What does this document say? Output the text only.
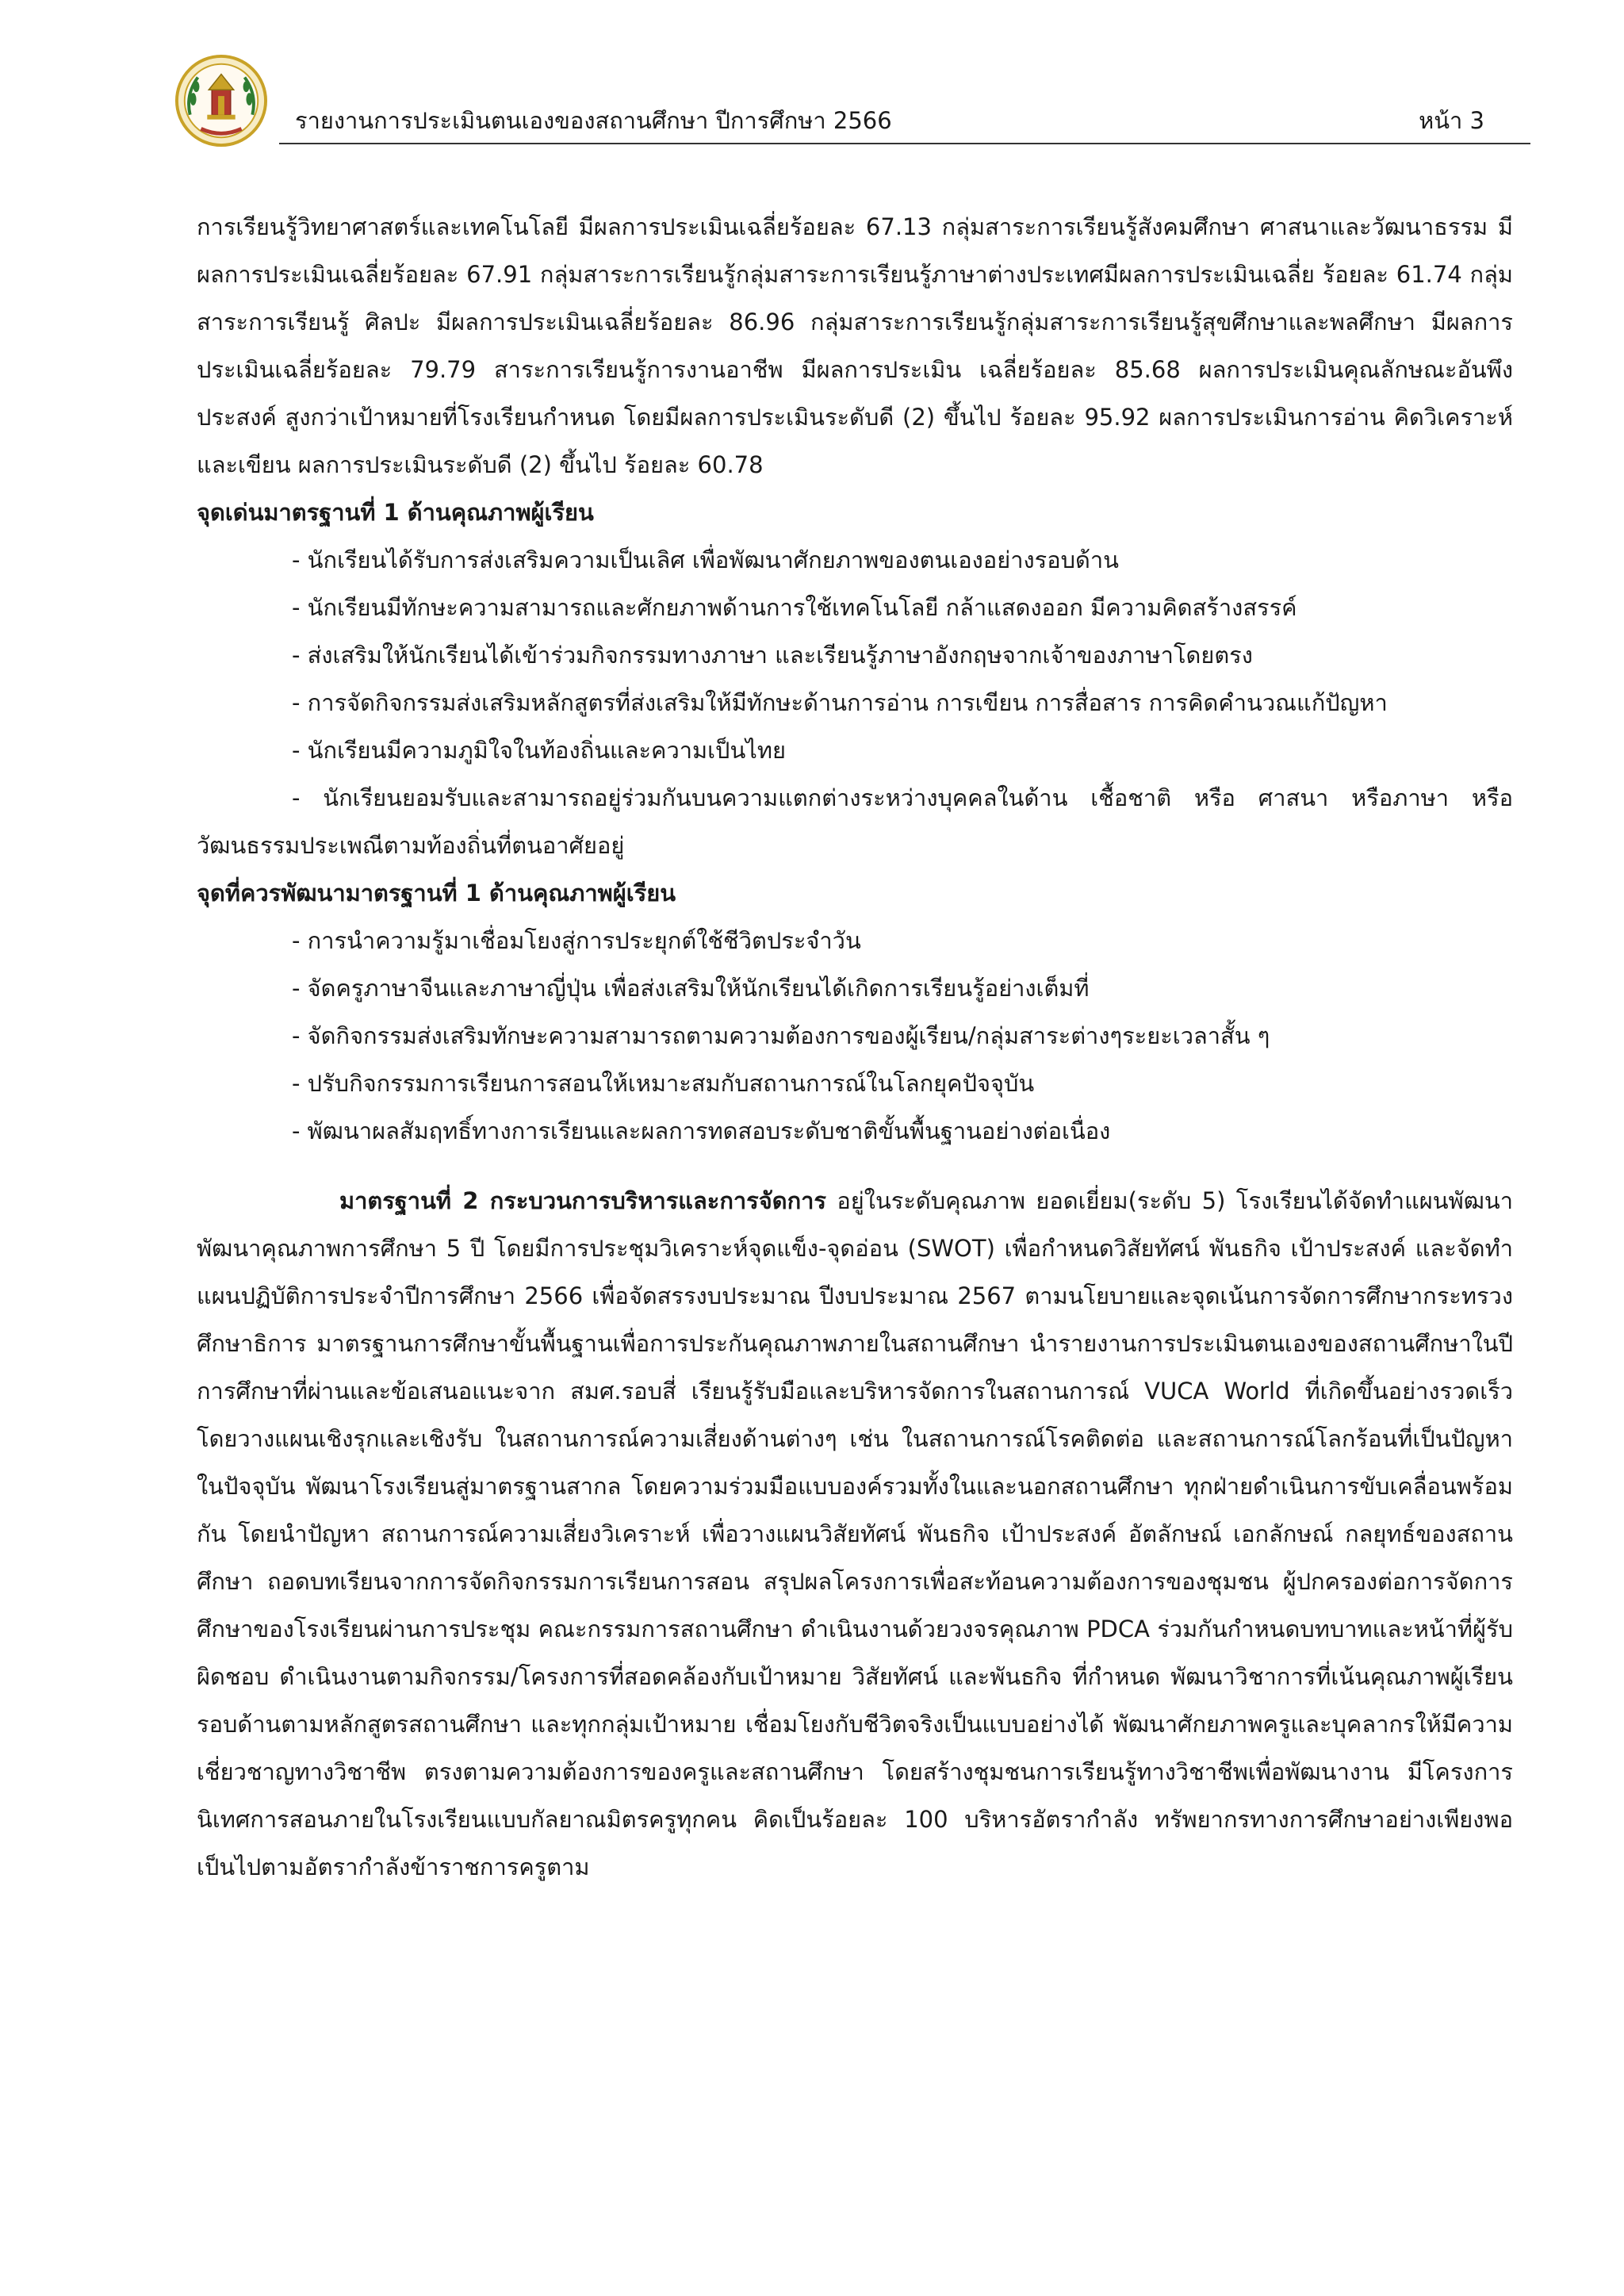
รายงานการประเมินตนเองของสถานศึกษา ปีการศึกษา 2566	หน้า 3

การเรียนรู้วิทยาศาสตร์และเทคโนโลยี มีผลการประเมินเฉลี่ยร้อยละ 67.13 กลุ่มสาระการเรียนรู้สังคมศึกษา ศาสนาและวัฒนาธรรม มีผลการประเมินเฉลี่ยร้อยละ 67.91 กลุ่มสาระการเรียนรู้กลุ่มสาระการเรียนรู้ภาษาต่างประเทศมีผลการประเมินเฉลี่ย ร้อยละ 61.74 กลุ่มสาระการเรียนรู้ ศิลปะ มีผลการประเมินเฉลี่ยร้อยละ 86.96 กลุ่มสาระการเรียนรู้กลุ่มสาระการเรียนรู้สุขศึกษาและพลศึกษา มีผลการประเมินเฉลี่ยร้อยละ 79.79 สาระการเรียนรู้การงานอาชีพ มีผลการประเมิน เฉลี่ยร้อยละ 85.68 ผลการประเมินคุณลักษณะอันพึงประสงค์ สูงกว่าเป้าหมายที่โรงเรียนกำหนด โดยมีผลการประเมินระดับดี (2) ขึ้นไป ร้อยละ 95.92 ผลการประเมินการอ่าน คิดวิเคราะห์และเขียน ผลการประเมินระดับดี (2) ขึ้นไป ร้อยละ 60.78

จุดเด่นมาตรฐานที่ 1 ด้านคุณภาพผู้เรียน

- นักเรียนได้รับการส่งเสริมความเป็นเลิศ เพื่อพัฒนาศักยภาพของตนเองอย่างรอบด้าน

- นักเรียนมีทักษะความสามารถและศักยภาพด้านการใช้เทคโนโลยี กล้าแสดงออก มีความคิดสร้างสรรค์

- ส่งเสริมให้นักเรียนได้เข้าร่วมกิจกรรมทางภาษา และเรียนรู้ภาษาอังกฤษจากเจ้าของภาษาโดยตรง

- การจัดกิจกรรมส่งเสริมหลักสูตรที่ส่งเสริมให้มีทักษะด้านการอ่าน การเขียน การสื่อสาร การคิดคำนวณแก้ปัญหา

- นักเรียนมีความภูมิใจในท้องถิ่นและความเป็นไทย

- นักเรียนยอมรับและสามารถอยู่ร่วมกันบนความแตกต่างระหว่างบุคคลในด้าน เชื้อชาติ หรือ ศาสนา หรือภาษา หรือวัฒนธรรมประเพณีตามท้องถิ่นที่ตนอาศัยอยู่

จุดที่ควรพัฒนามาตรฐานที่ 1 ด้านคุณภาพผู้เรียน

- การนำความรู้มาเชื่อมโยงสู่การประยุกต์ใช้ชีวิตประจำวัน

- จัดครูภาษาจีนและภาษาญี่ปุ่น เพื่อส่งเสริมให้นักเรียนได้เกิดการเรียนรู้อย่างเต็มที่

- จัดกิจกรรมส่งเสริมทักษะความสามารถตามความต้องการของผู้เรียน/กลุ่มสาระต่างๆระยะเวลาสั้น ๆ

- ปรับกิจกรรมการเรียนการสอนให้เหมาะสมกับสถานการณ์ในโลกยุคปัจจุบัน

- พัฒนาผลสัมฤทธิ์ทางการเรียนและผลการทดสอบระดับชาติขั้นพื้นฐานอย่างต่อเนื่อง

มาตรฐานที่ 2 กระบวนการบริหารและการจัดการ อยู่ในระดับคุณภาพ ยอดเยี่ยม(ระดับ 5) โรงเรียนได้จัดทำแผนพัฒนาพัฒนาคุณภาพการศึกษา 5 ปี โดยมีการประชุมวิเคราะห์จุดแข็ง-จุดอ่อน (SWOT) เพื่อกำหนดวิสัยทัศน์ พันธกิจ เป้าประสงค์ และจัดทำแผนปฏิบัติการประจำปีการศึกษา 2566 เพื่อจัดสรรงบประมาณ ปีงบประมาณ 2567 ตามนโยบายและจุดเน้นการจัดการศึกษากระทรวงศึกษาธิการ มาตรฐานการศึกษาขั้นพื้นฐานเพื่อการประกันคุณภาพภายในสถานศึกษา นำรายงานการประเมินตนเองของสถานศึกษาในปีการศึกษาที่ผ่านและข้อเสนอแนะจาก สมศ.รอบสี่ เรียนรู้รับมือและบริหารจัดการในสถานการณ์ VUCA World ที่เกิดขึ้นอย่างรวดเร็ว โดยวางแผนเชิงรุกและเชิงรับ ในสถานการณ์ความเสี่ยงด้านต่างๆ เช่น ในสถานการณ์โรคติดต่อ และสถานการณ์โลกร้อนที่เป็นปัญหาในปัจจุบัน พัฒนาโรงเรียนสู่มาตรฐานสากล โดยความร่วมมือแบบองค์รวมทั้งในและนอกสถานศึกษา ทุกฝ่ายดำเนินการขับเคลื่อนพร้อมกัน โดยนำปัญหา สถานการณ์ความเสี่ยงวิเคราะห์ เพื่อวางแผนวิสัยทัศน์ พันธกิจ เป้าประสงค์ อัตลักษณ์ เอกลักษณ์ กลยุทธ์ของสถานศึกษา ถอดบทเรียนจากการจัดกิจกรรมการเรียนการสอน สรุปผลโครงการเพื่อสะท้อนความต้องการของชุมชน ผู้ปกครองต่อการจัดการศึกษาของโรงเรียนผ่านการประชุม คณะกรรมการสถานศึกษา ดำเนินงานด้วยวงจรคุณภาพ PDCA ร่วมกันกำหนดบทบาทและหน้าที่ผู้รับผิดชอบ ดำเนินงานตามกิจกรรม/โครงการที่สอดคล้องกับเป้าหมาย วิสัยทัศน์ และพันธกิจ ที่กำหนด พัฒนาวิชาการที่เน้นคุณภาพผู้เรียนรอบด้านตามหลักสูตรสถานศึกษา และทุกกลุ่มเป้าหมาย เชื่อมโยงกับชีวิตจริงเป็นแบบอย่างได้ พัฒนาศักยภาพครูและบุคลากรให้มีความเชี่ยวชาญทางวิชาชีพ ตรงตามความต้องการของครูและสถานศึกษา โดยสร้างชุมชนการเรียนรู้ทางวิชาชีพเพื่อพัฒนางาน มีโครงการนิเทศการสอนภายในโรงเรียนแบบกัลยาณมิตรครูทุกคน คิดเป็นร้อยละ 100 บริหารอัตรากำลัง ทรัพยากรทางการศึกษาอย่างเพียงพอ เป็นไปตามอัตรากำลังข้าราชการครูตาม
